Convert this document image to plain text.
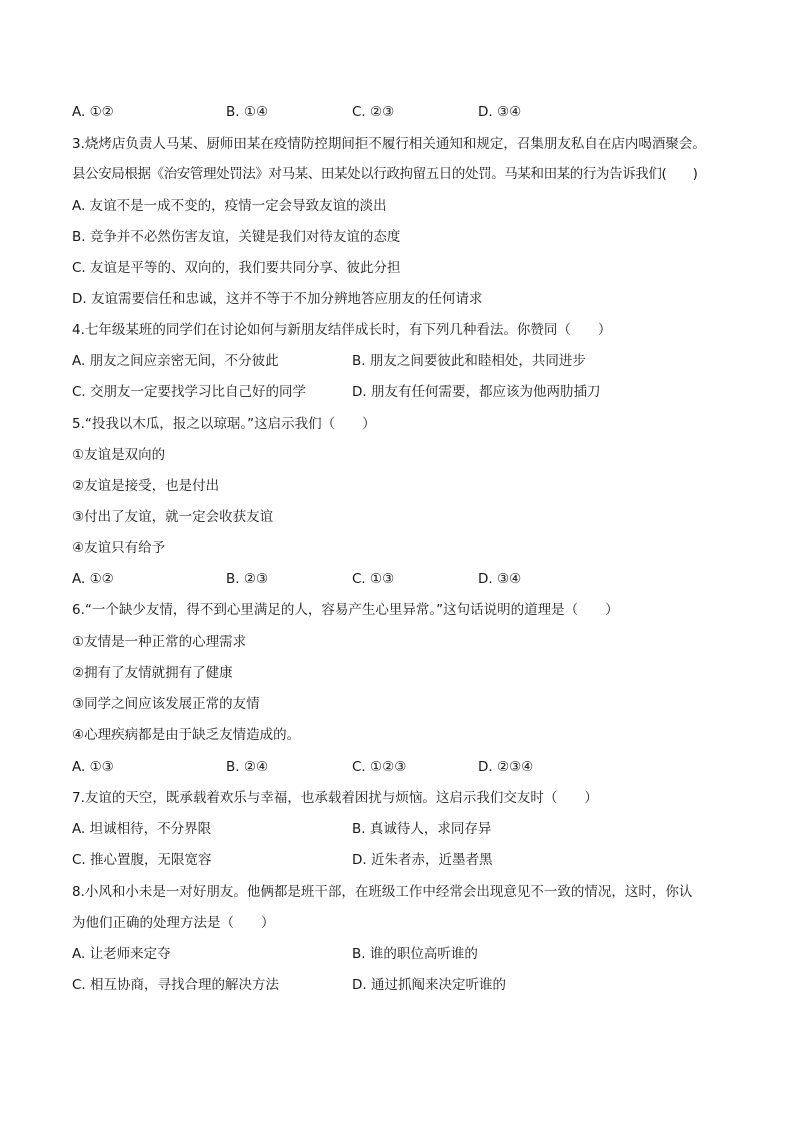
A. ①②	B. ①④	C. ②③	D. ③④
3.烧烤店负责人马某、厨师田某在疫情防控期间拒不履行相关通知和规定，召集朋友私自在店内喝酒聚会。
县公安局根据《治安管理处罚法》对马某、田某处以行政拘留五日的处罚。马某和田某的行为告诉我们(　　)
A. 友谊不是一成不变的，疫情一定会导致友谊的淡出
B. 竞争并不必然伤害友谊，关键是我们对待友谊的态度
C. 友谊是平等的、双向的，我们要共同分享、彼此分担
D. 友谊需要信任和忠诚，这并不等于不加分辨地答应朋友的任何请求
4.七年级某班的同学们在讨论如何与新朋友结伴成长时，有下列几种看法。你赞同（　　）
A. 朋友之间应亲密无间，不分彼此	B. 朋友之间要彼此和睦相处，共同进步
C. 交朋友一定要找学习比自己好的同学	D. 朋友有任何需要，都应该为他两肋插刀
5.“投我以木瓜，报之以琼琚。”这启示我们（　　）
①友谊是双向的
②友谊是接受，也是付出
③付出了友谊，就一定会收获友谊
④友谊只有给予
A. ①②	B. ②③	C. ①③	D. ③④
6.“一个缺少友情，得不到心里满足的人，容易产生心里异常。”这句话说明的道理是（　　）
①友情是一种正常的心理需求
②拥有了友情就拥有了健康
③同学之间应该发展正常的友情
④心理疾病都是由于缺乏友情造成的。
A. ①③	B. ②④	C. ①②③	D. ②③④
7.友谊的天空，既承载着欢乐与幸福，也承载着困扰与烦恼。这启示我们交友时（　　）
A. 坦诚相待，不分界限	B. 真诚待人，求同存异
C. 推心置腹，无限宽容	D. 近朱者赤，近墨者黑
8.小风和小未是一对好朋友。他俩都是班干部，在班级工作中经常会出现意见不一致的情况，这时，你认
为他们正确的处理方法是（　　）
A. 让老师来定夺	B. 谁的职位高听谁的
C. 相互协商，寻找合理的解决方法	D. 通过抓阄来决定听谁的
